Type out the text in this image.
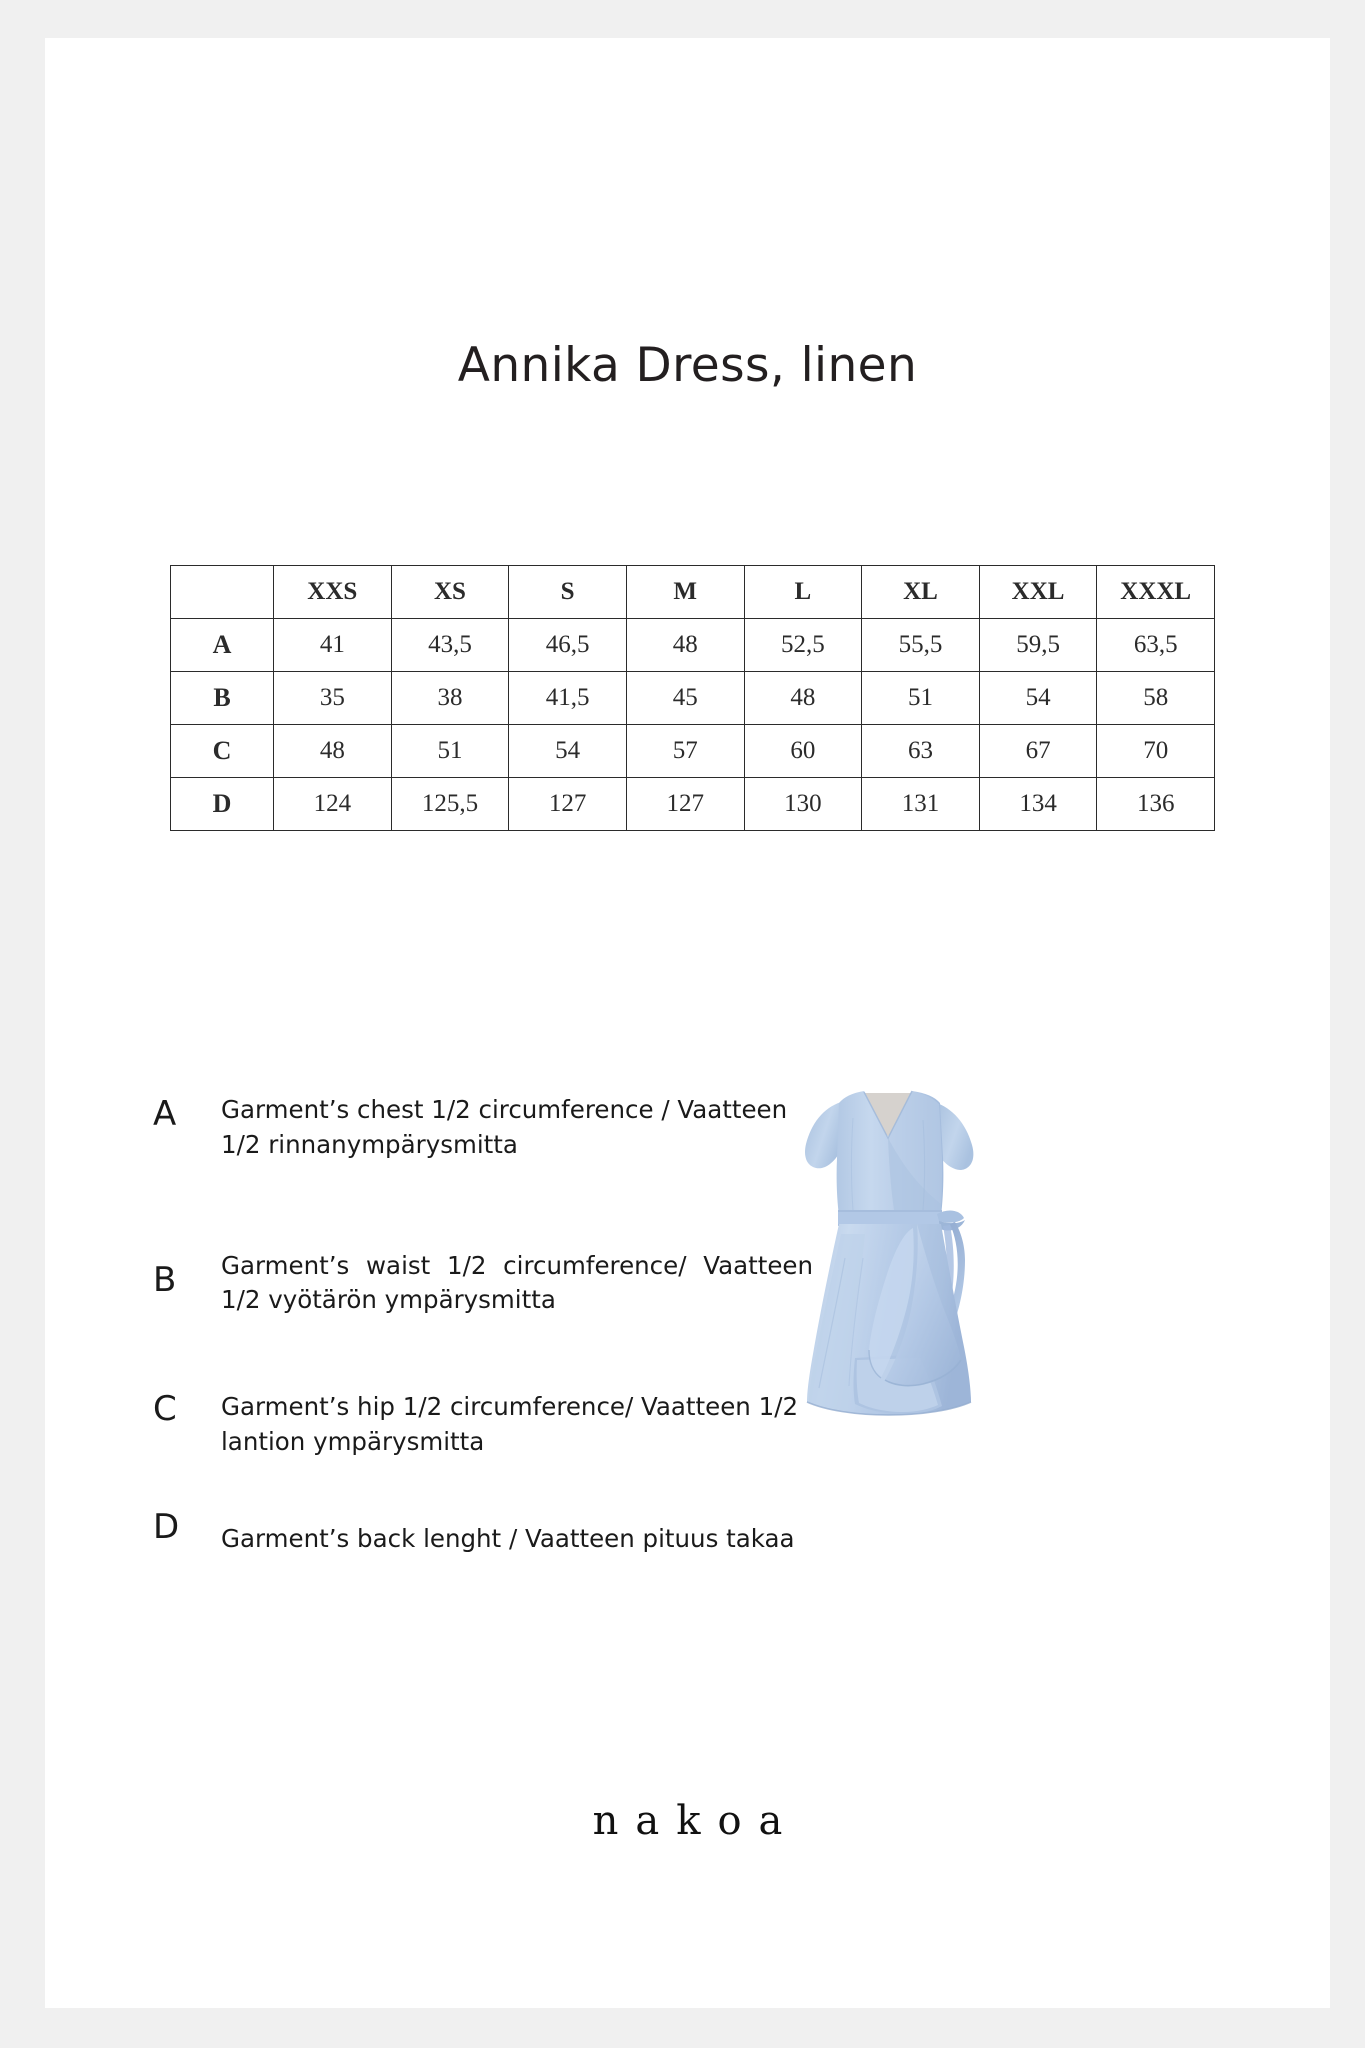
Annika Dress, linen
	XXS	XS	S	M	L	XL	XXL	XXXL
A	41	43,5	46,5	48	52,5	55,5	59,5	63,5
B	35	38	41,5	45	48	51	54	58
C	48	51	54	57	60	63	67	70
D	124	125,5	127	127	130	131	134	136
A	Garment’s chest 1/2 circumference / Vaatteen 1/2 rinnanympärysmitta
B	Garment’s waist 1/2 circumference/ Vaatteen 1/2 vyötärön ympärysmitta
C	Garment’s hip 1/2 circumference/ Vaatteen 1/2 lantion ympärysmitta
D	Garment’s back lenght / Vaatteen pituus takaa
nakoa
